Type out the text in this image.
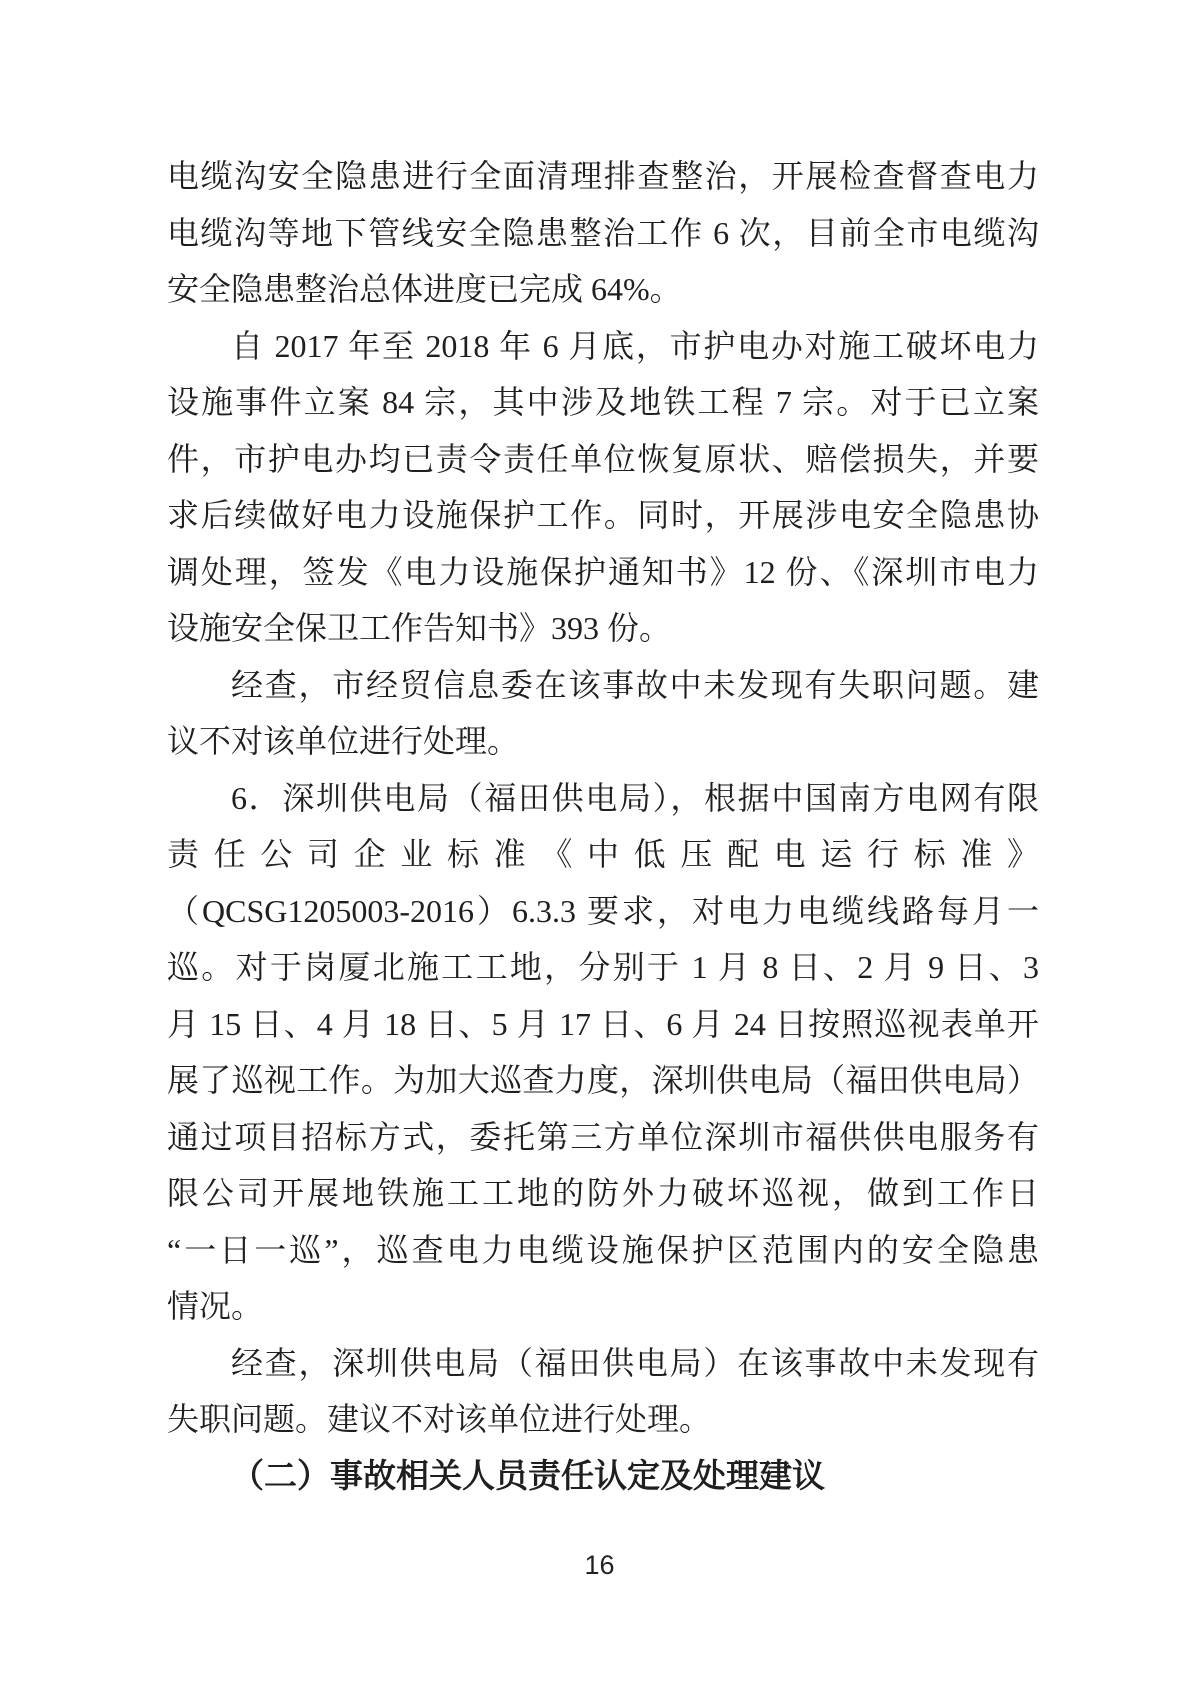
电缆沟安全隐患进行全面清理排查整治，开展检查督查电力
电缆沟等地下管线安全隐患整治工作 6 次，目前全市电缆沟
安全隐患整治总体进度已完成 64%。
自 2017 年至 2018 年 6 月底，市护电办对施工破坏电力
设施事件立案 84 宗，其中涉及地铁工程 7 宗。对于已立案
件，市护电办均已责令责任单位恢复原状、赔偿损失，并要
求后续做好电力设施保护工作。同时，开展涉电安全隐患协
调处理，签发《电力设施保护通知书》12 份、《深圳市电力
设施安全保卫工作告知书》393 份。
经查，市经贸信息委在该事故中未发现有失职问题。建
议不对该单位进行处理。
6．深圳供电局（福田供电局），根据中国南方电网有限
责任公司企业标准《中低压配电运行标准》
（QCSG1205003-2016）6.3.3 要求，对电力电缆线路每月一
巡。对于岗厦北施工工地，分别于 1 月 8 日、2 月 9 日、3
月 15 日、4 月 18 日、5 月 17 日、6 月 24 日按照巡视表单开
展了巡视工作。为加大巡查力度，深圳供电局（福田供电局）
通过项目招标方式，委托第三方单位深圳市福供供电服务有
限公司开展地铁施工工地的防外力破坏巡视，做到工作日
“一日一巡”，巡查电力电缆设施保护区范围内的安全隐患
情况。
经查，深圳供电局（福田供电局）在该事故中未发现有
失职问题。建议不对该单位进行处理。
（二）事故相关人员责任认定及处理建议
16
